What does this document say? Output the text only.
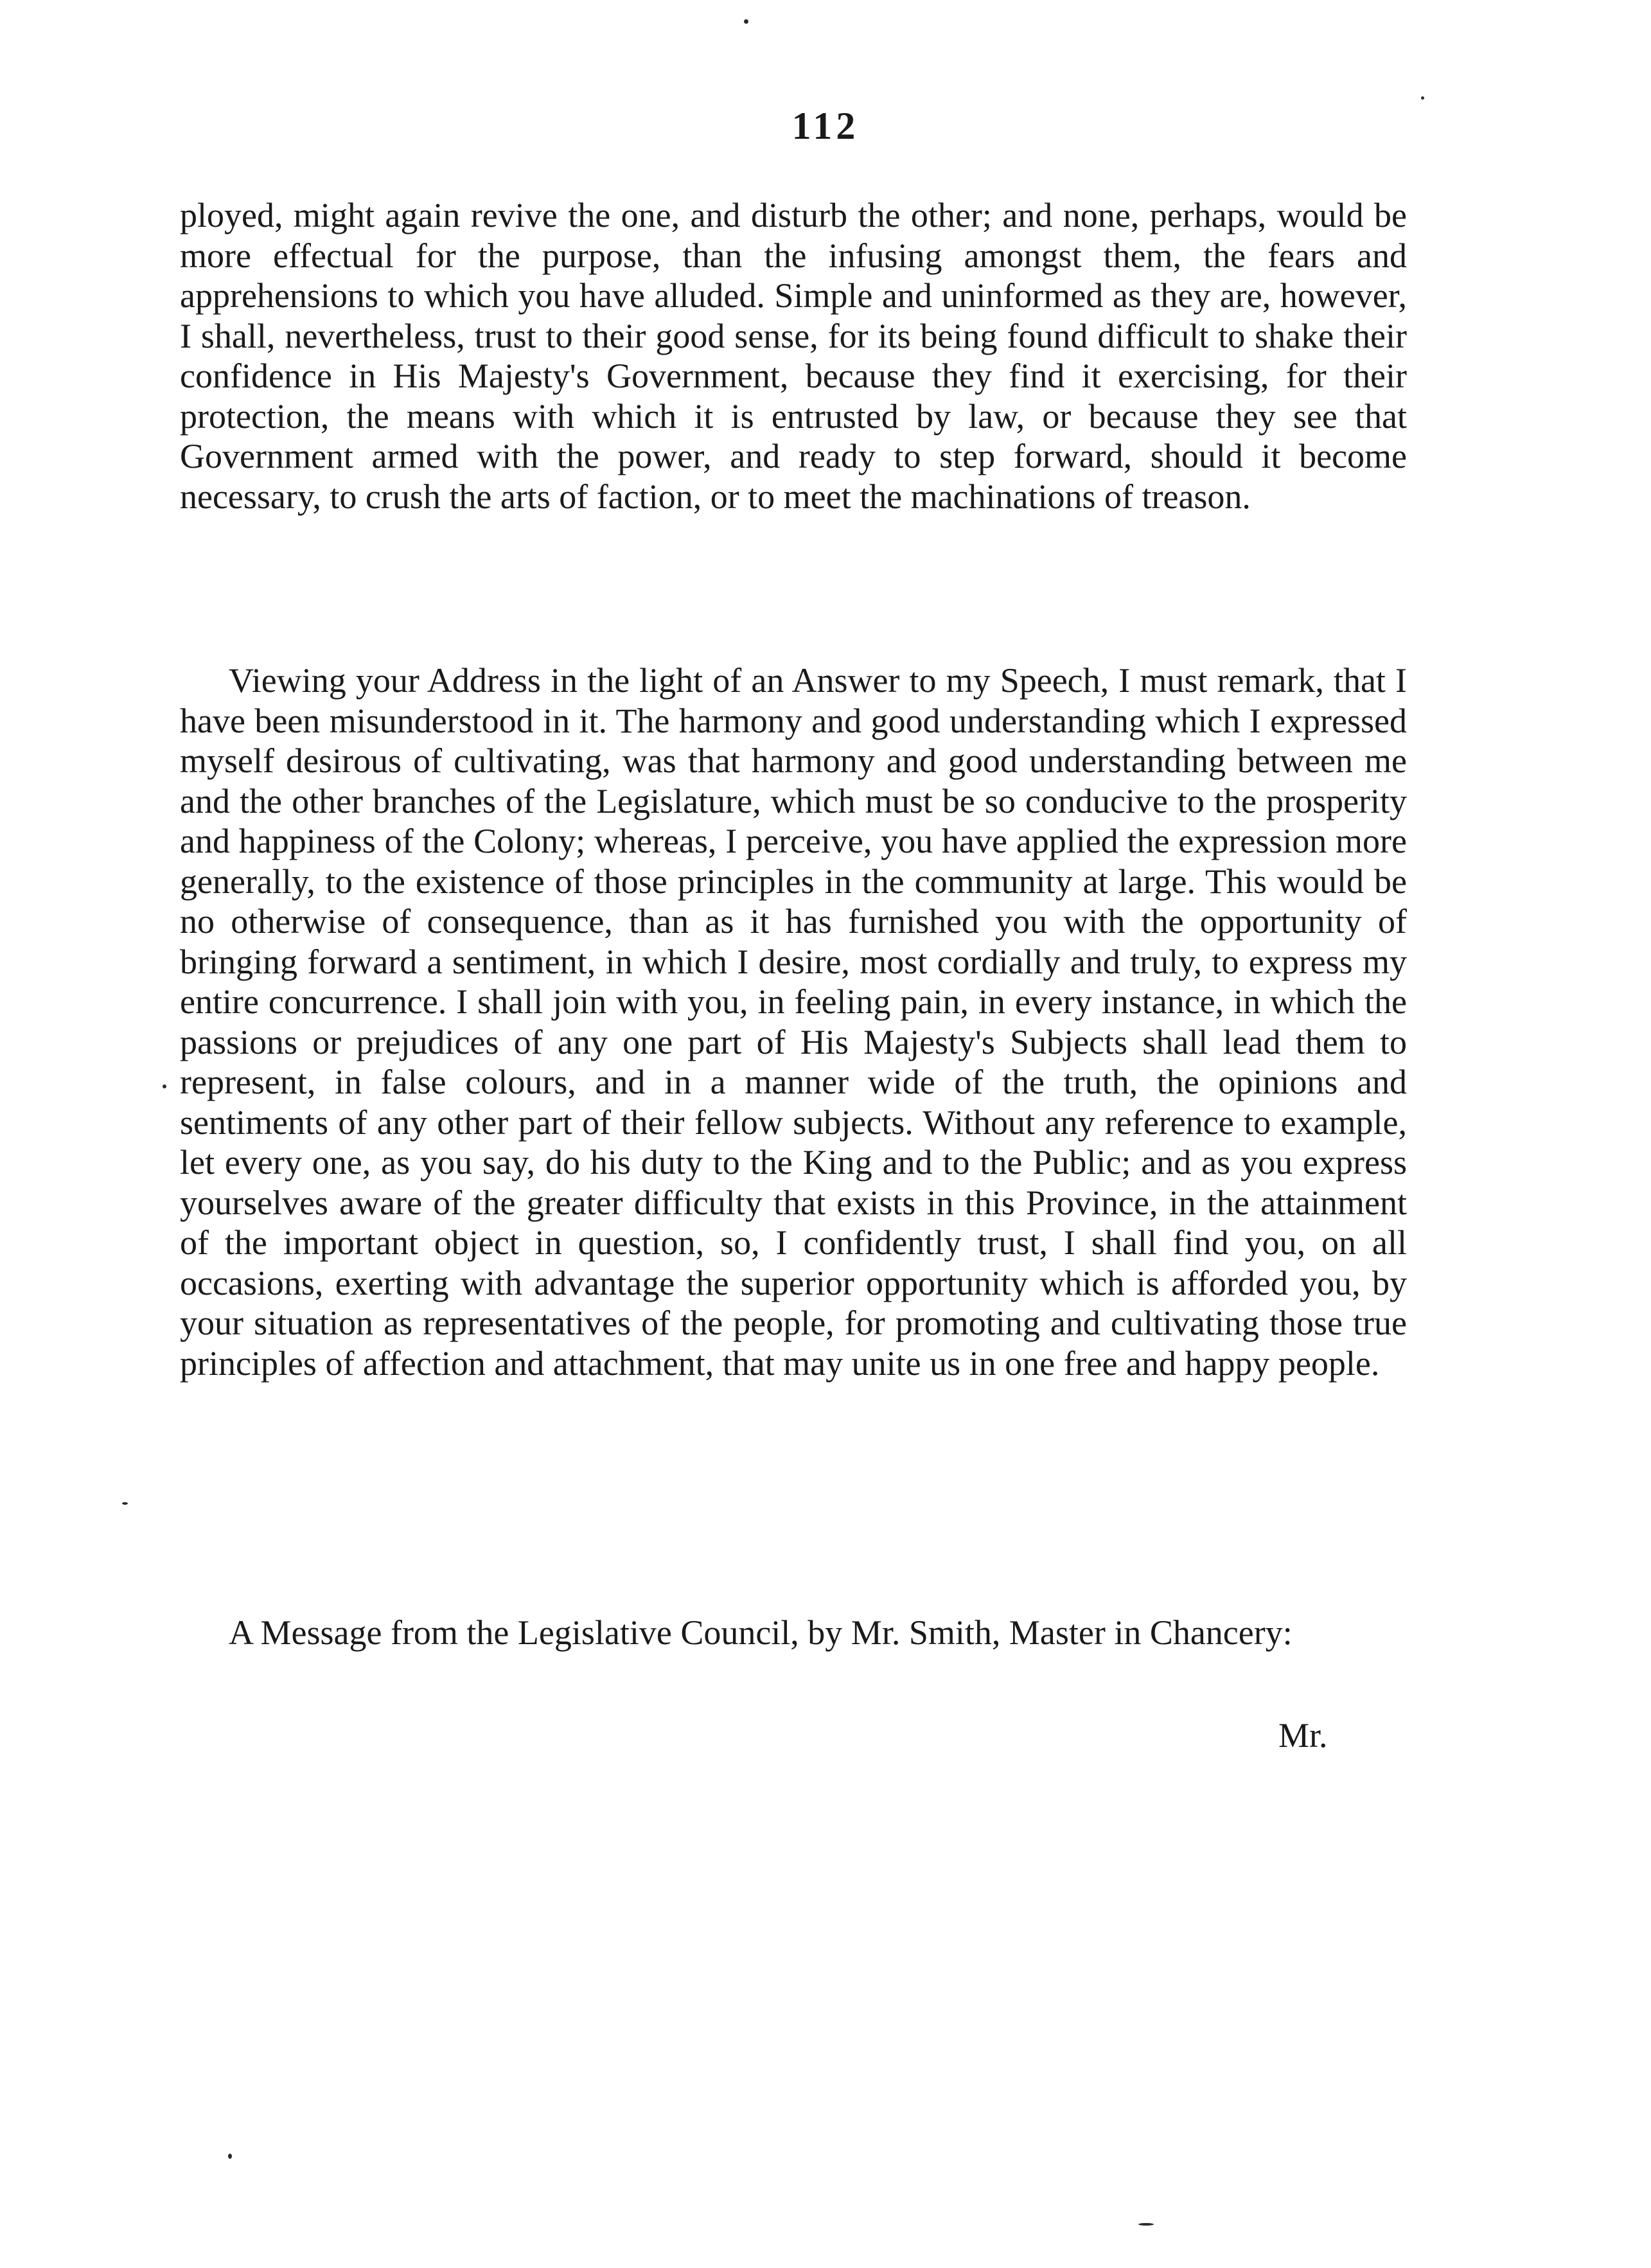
112

ployed, might again revive the one, and disturb the other; and none, perhaps, would be more effectual for the purpose, than the infusing amongst them, the fears and apprehensions to which you have alluded. Simple and uninformed as they are, however, I shall, nevertheless, trust to their good sense, for its being found difficult to shake their confidence in His Majesty's Government, because they find it exercising, for their protection, the means with which it is entrusted by law, or because they see that Government armed with the power, and ready to step forward, should it become necessary, to crush the arts of faction, or to meet the machinations of treason.

Viewing your Address in the light of an Answer to my Speech, I must remark, that I have been misunderstood in it. The harmony and good understanding which I expressed myself desirous of cultivating, was that harmony and good understanding between me and the other branches of the Legislature, which must be so conducive to the prosperity and happiness of the Colony; whereas, I perceive, you have applied the expression more generally, to the existence of those principles in the community at large. This would be no otherwise of consequence, than as it has furnished you with the opportunity of bringing forward a sentiment, in which I desire, most cordially and truly, to express my entire concurrence. I shall join with you, in feeling pain, in every instance, in which the passions or prejudices of any one part of His Majesty's Subjects shall lead them to represent, in false colours, and in a manner wide of the truth, the opinions and sentiments of any other part of their fellow subjects. Without any reference to example, let every one, as you say, do his duty to the King and to the Public; and as you express yourselves aware of the greater difficulty that exists in this Province, in the attainment of the important object in question, so, I confidently trust, I shall find you, on all occasions, exerting with advantage the superior opportunity which is afforded you, by your situation as representatives of the people, for promoting and cultivating those true principles of affection and attachment, that may unite us in one free and happy people.

A Message from the Legislative Council, by Mr. Smith, Master in Chancery:

Mr.
